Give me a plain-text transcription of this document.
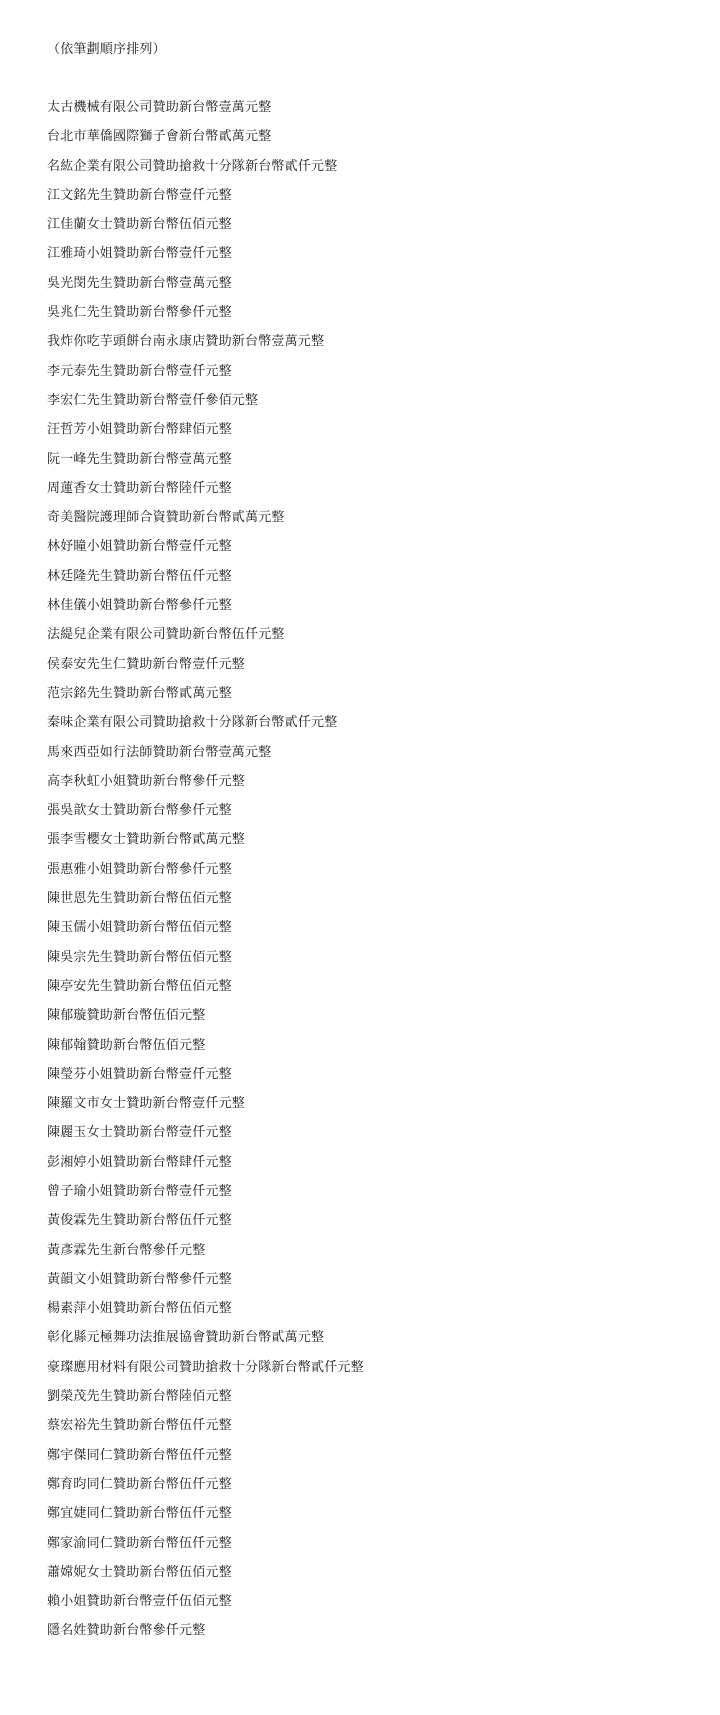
（依筆劃順序排列）
太古機械有限公司贊助新台幣壹萬元整
台北市華僑國際獅子會新台幣貳萬元整
名紘企業有限公司贊助搶救十分隊新台幣貳仟元整
江文銘先生贊助新台幣壹仟元整
江佳蘭女士贊助新台幣伍佰元整
江雅琦小姐贊助新台幣壹仟元整
吳光閔先生贊助新台幣壹萬元整
吳兆仁先生贊助新台幣參仟元整
我炸你吃芋頭餅台南永康店贊助新台幣壹萬元整
李元泰先生贊助新台幣壹仟元整
李宏仁先生贊助新台幣壹仟參佰元整
汪哲芳小姐贊助新台幣肆佰元整
阮一峰先生贊助新台幣壹萬元整
周蓮香女士贊助新台幣陸仟元整
奇美醫院護理師合資贊助新台幣貳萬元整
林妤瞳小姐贊助新台幣壹仟元整
林廷隆先生贊助新台幣伍仟元整
林佳儀小姐贊助新台幣參仟元整
法緹兒企業有限公司贊助新台幣伍仟元整
侯泰安先生仁贊助新台幣壹仟元整
范宗銘先生贊助新台幣貳萬元整
秦味企業有限公司贊助搶救十分隊新台幣貳仟元整
馬來西亞如行法師贊助新台幣壹萬元整
高李秋虹小姐贊助新台幣參仟元整
張吳歆女士贊助新台幣參仟元整
張李雪櫻女士贊助新台幣貳萬元整
張惠雅小姐贊助新台幣參仟元整
陳世恩先生贊助新台幣伍佰元整
陳玉儒小姐贊助新台幣伍佰元整
陳吳宗先生贊助新台幣伍佰元整
陳亭安先生贊助新台幣伍佰元整
陳郁璇贊助新台幣伍佰元整
陳郁翰贊助新台幣伍佰元整
陳瑩芬小姐贊助新台幣壹仟元整
陳羅文市女士贊助新台幣壹仟元整
陳麗玉女士贊助新台幣壹仟元整
彭湘婷小姐贊助新台幣肆仟元整
曾子瑜小姐贊助新台幣壹仟元整
黃俊霖先生贊助新台幣伍仟元整
黃彥霖先生新台幣參仟元整
黃韻文小姐贊助新台幣參仟元整
楊素萍小姐贊助新台幣伍佰元整
彰化縣元極舞功法推展協會贊助新台幣貳萬元整
豪璨應用材料有限公司贊助搶救十分隊新台幣貳仟元整
劉榮茂先生贊助新台幣陸佰元整
蔡宏裕先生贊助新台幣伍仟元整
鄭宇傑同仁贊助新台幣伍仟元整
鄭育昀同仁贊助新台幣伍仟元整
鄭宜婕同仁贊助新台幣伍仟元整
鄭家渝同仁贊助新台幣伍仟元整
蕭嫦妮女士贊助新台幣伍佰元整
賴小姐贊助新台幣壹仟伍佰元整
隱名姓贊助新台幣參仟元整
